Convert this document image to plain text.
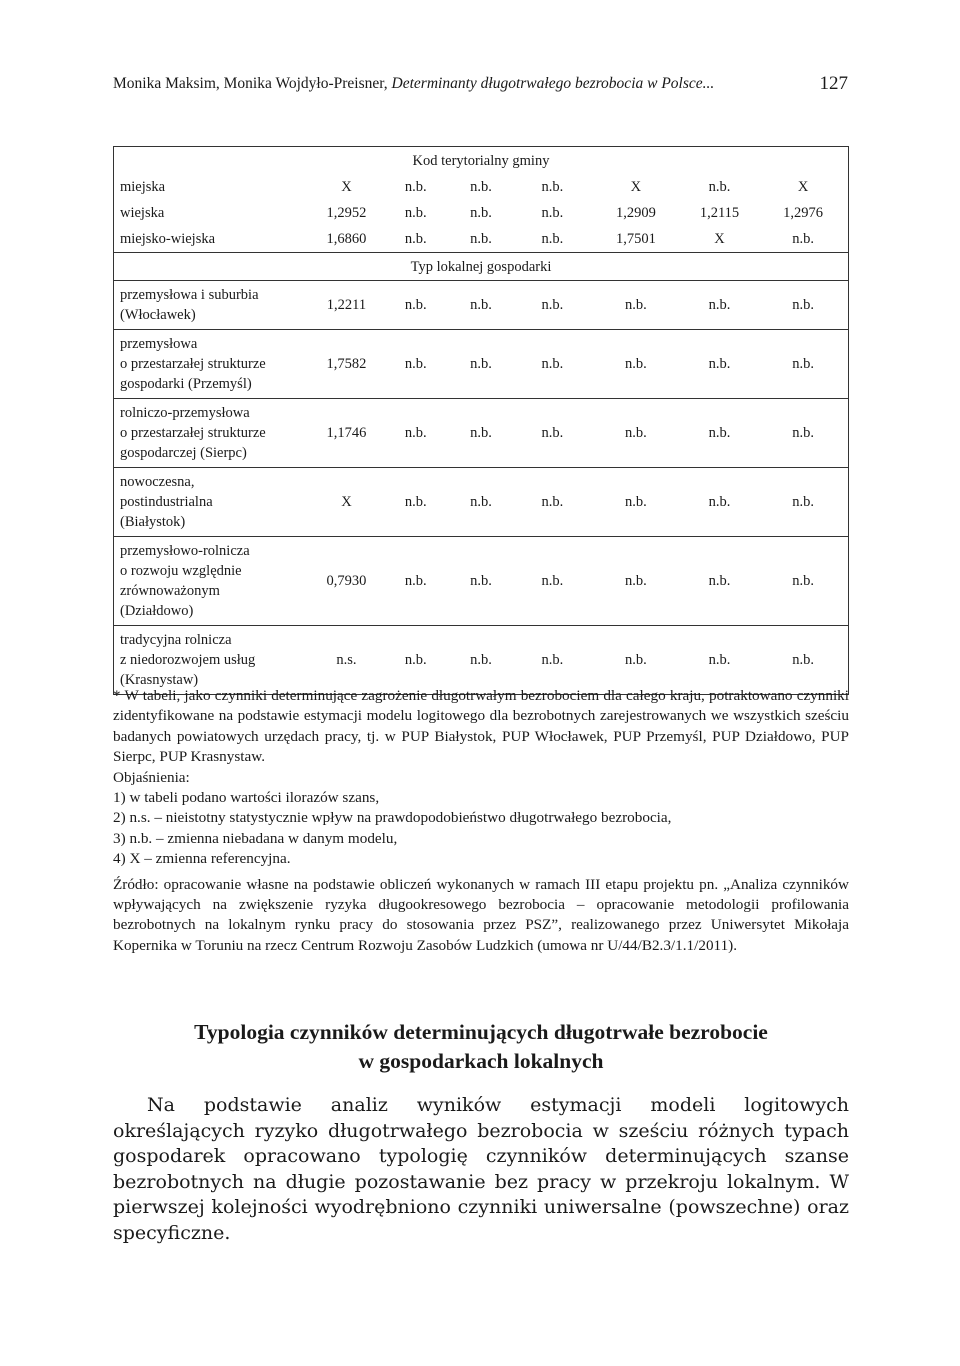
Monika Maksim, Monika Wojdyło-Preisner, Determinanty długotrwałego bezrobocia w Polsce...	127
Kod terytorialny gminy							
miejska	X	n.b.	n.b.	n.b.	X	n.b.	X
wiejska	1,2952	n.b.	n.b.	n.b.	1,2909	1,2115	1,2976
miejsko-wiejska	1,6860	n.b.	n.b.	n.b.	1,7501	X	n.b.
Typ lokalnej gospodarki							
przemysłowa i suburbia
(Włocławek)	1,2211	n.b.	n.b.	n.b.	n.b.	n.b.	n.b.
przemysłowa
o przestarzałej strukturze
gospodarki (Przemyśl)	1,7582	n.b.	n.b.	n.b.	n.b.	n.b.	n.b.
rolniczo-przemysłowa
o przestarzałej strukturze
gospodarczej (Sierpc)	1,1746	n.b.	n.b.	n.b.	n.b.	n.b.	n.b.
nowoczesna,
postindustrialna
(Białystok)	X	n.b.	n.b.	n.b.	n.b.	n.b.	n.b.
przemysłowo-rolnicza
o rozwoju względnie
zrównoważonym
(Działdowo)	0,7930	n.b.	n.b.	n.b.	n.b.	n.b.	n.b.
tradycyjna rolnicza
z niedorozwojem usług
(Krasnystaw)	n.s.	n.b.	n.b.	n.b.	n.b.	n.b.	n.b.

* W tabeli, jako czynniki determinujące zagrożenie długotrwałym bezrobociem dla całego kraju, potraktowano czynniki zidentyfikowane na podstawie estymacji modelu logitowego dla bezrobotnych zarejestrowanych we wszystkich sześciu badanych powiatowych urzędach pracy, tj. w PUP Białystok, PUP Włocławek, PUP Przemyśl, PUP Działdowo, PUP Sierpc, PUP Krasnystaw.

Objaśnienia:

1) w tabeli podano wartości ilorazów szans,

2) n.s. – nieistotny statystycznie wpływ na prawdopodobieństwo długotrwałego bezrobocia,

3) n.b. – zmienna niebadana w danym modelu,

4) X – zmienna referencyjna.

Źródło: opracowanie własne na podstawie obliczeń wykonanych w ramach III etapu projektu pn. „Analiza czynników wpływających na zwiększenie ryzyka długookresowego bezrobocia – opracowanie metodologii profilowania bezrobotnych na lokalnym rynku pracy do stosowania przez PSZ”, realizowanego przez Uniwersytet Mikołaja Kopernika w Toruniu na rzecz Centrum Rozwoju Zasobów Ludzkich (umowa nr U/44/B2.3/1.1/2011).

Typologia czynników determinujących długotrwałe bezrobocie
w gospodarkach lokalnych

Na podstawie analiz wyników estymacji modeli logitowych określających ryzyko długotrwałego bezrobocia w sześciu różnych typach gospodarek opracowano typologię czynników determinujących szanse bezrobotnych na długie pozostawanie bez pracy w przekroju lokalnym. W pierwszej kolejności wyodrębniono czynniki uniwersalne (powszechne) oraz specyficzne.
